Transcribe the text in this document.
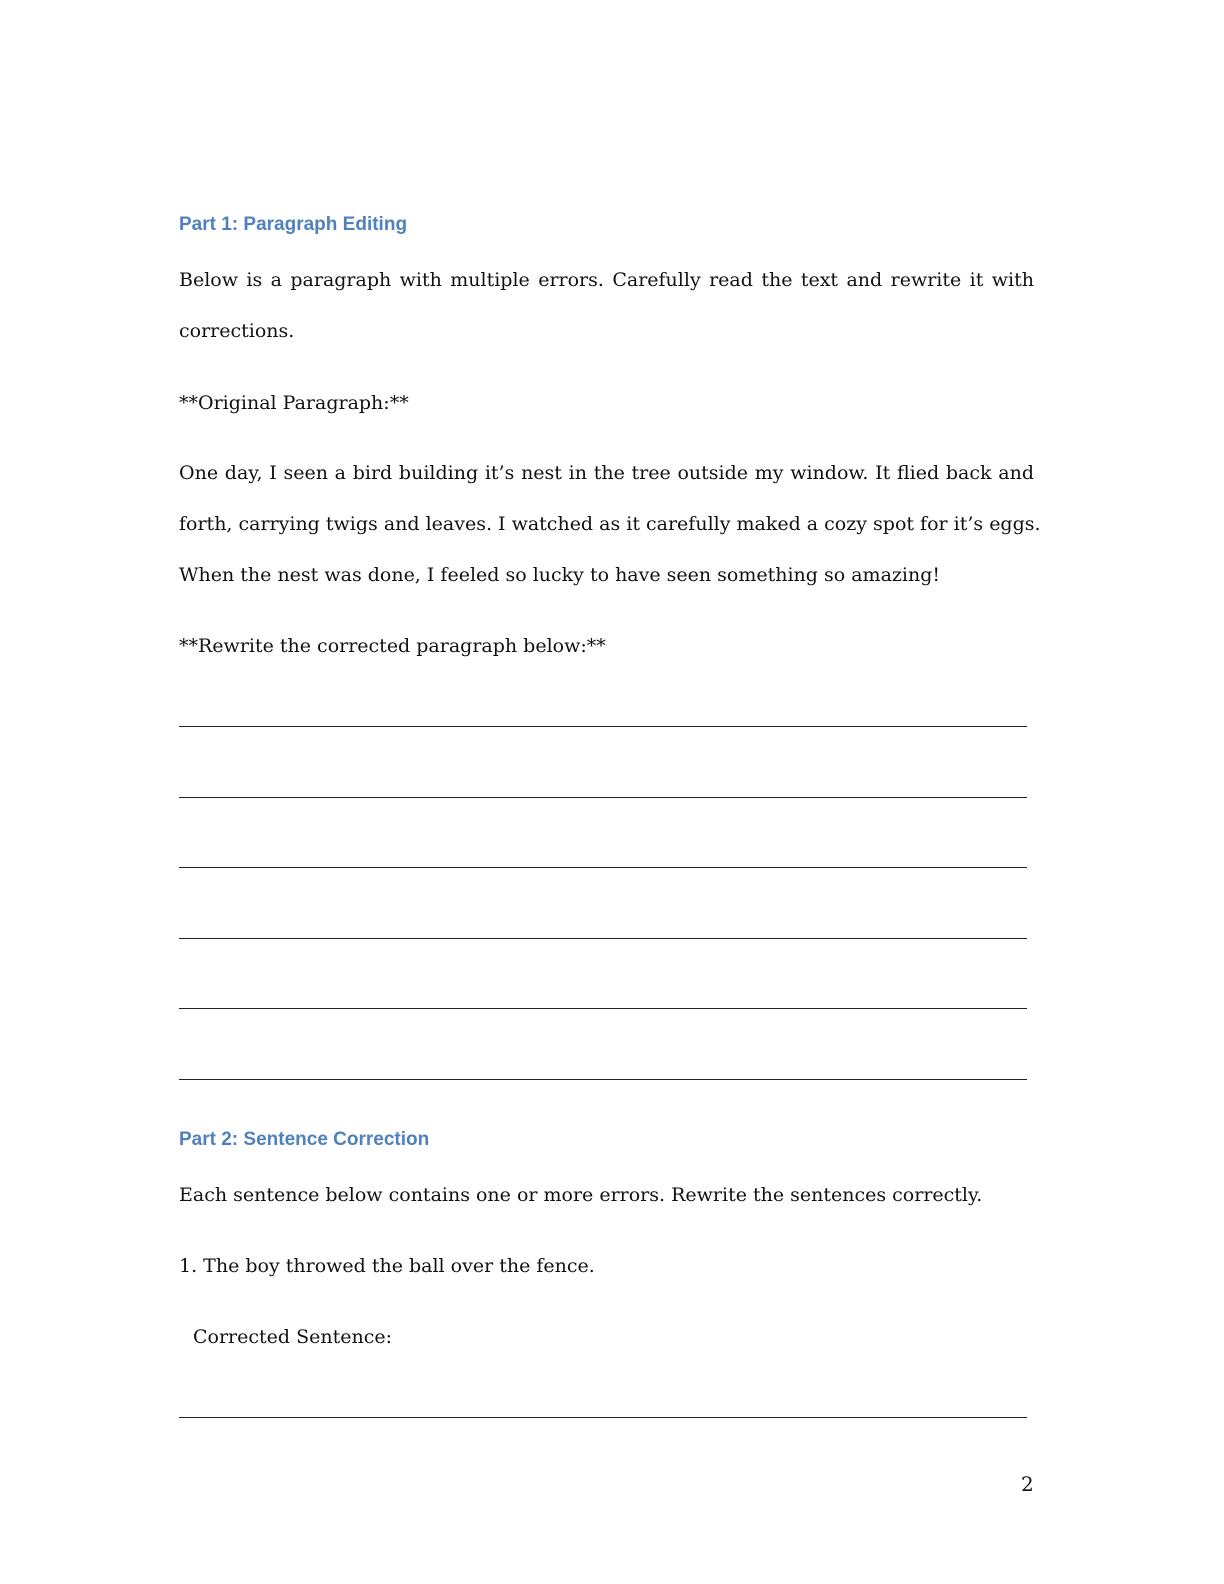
Part 1: Paragraph Editing
Below is a paragraph with multiple errors. Carefully read the text and rewrite it with
corrections.
**Original Paragraph:**
One day, I seen a bird building it’s nest in the tree outside my window. It flied back and
forth, carrying twigs and leaves. I watched as it carefully maked a cozy spot for it’s eggs.
When the nest was done, I feeled so lucky to have seen something so amazing!
**Rewrite the corrected paragraph below:**
Part 2: Sentence Correction
Each sentence below contains one or more errors. Rewrite the sentences correctly.
1. The boy throwed the ball over the fence.
Corrected Sentence:
2
